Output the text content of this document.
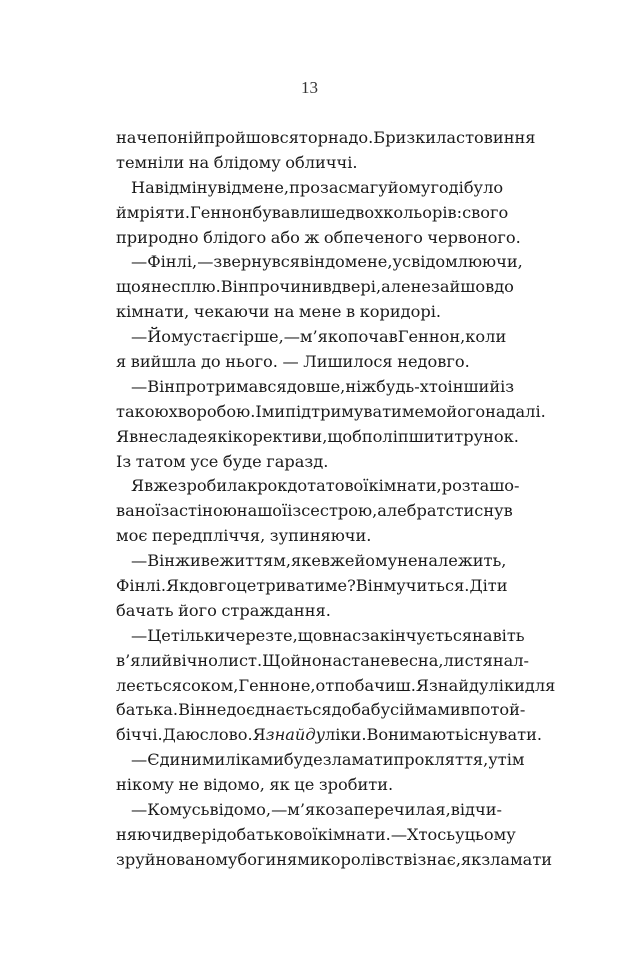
13
наче по ній пройшовся торнадо. Бризки ластовиння
темніли на блідому обличчі.
На відміну від мене, про засмагу йому годі було
й мріяти. Геннон бував лише двох кольорів: свого
природно блідого або ж обпеченого червоного.
— Фінлі, — звернувся він до мене, усвідомлюючи,
що я не сплю. Він прочинив двері, але не зайшов до
кімнати, чекаючи на мене в коридорі.
— Йому стає гірше, — м’яко почав Геннон, коли
я вийшла до нього. — Лишилося недовго.
— Він протримався довше, ніж будь-хто інший із
такою хворобою. І ми підтримуватимемо його надалі.
Я внесла деякі корективи, щоб поліпшити трунок.
Із татом усе буде гаразд.
Я вже зробила крок до татової кімнати, розташо-
ваної за стіною нашої із сестрою, але брат стиснув
моє передпліччя, зупиняючи.
— Він живе життям, яке вже йому не належить,
Фінлі. Як довго це триватиме? Він мучиться. Діти
бачать його страждання.
— Це тільки через те, що в нас закінчується навіть
в’ялий вічнолист. Щойно настане весна, листя нал-
леється соком, Генноне, от побачиш. Я знайду ліки для
батька. Він не доєднається до бабусі й мами в потой-
біччі. Даю слово. Я знайду ліки. Вони мають існувати.
— Єдиними ліками буде зламати прокляття, утім
нікому не відомо, як це зробити.
— Комусь відомо, — м’яко заперечила я, відчи-
няючи двері до батькової кімнати. — Хтось у цьому
зруйнованому богинями королівстві знає, як зламати
